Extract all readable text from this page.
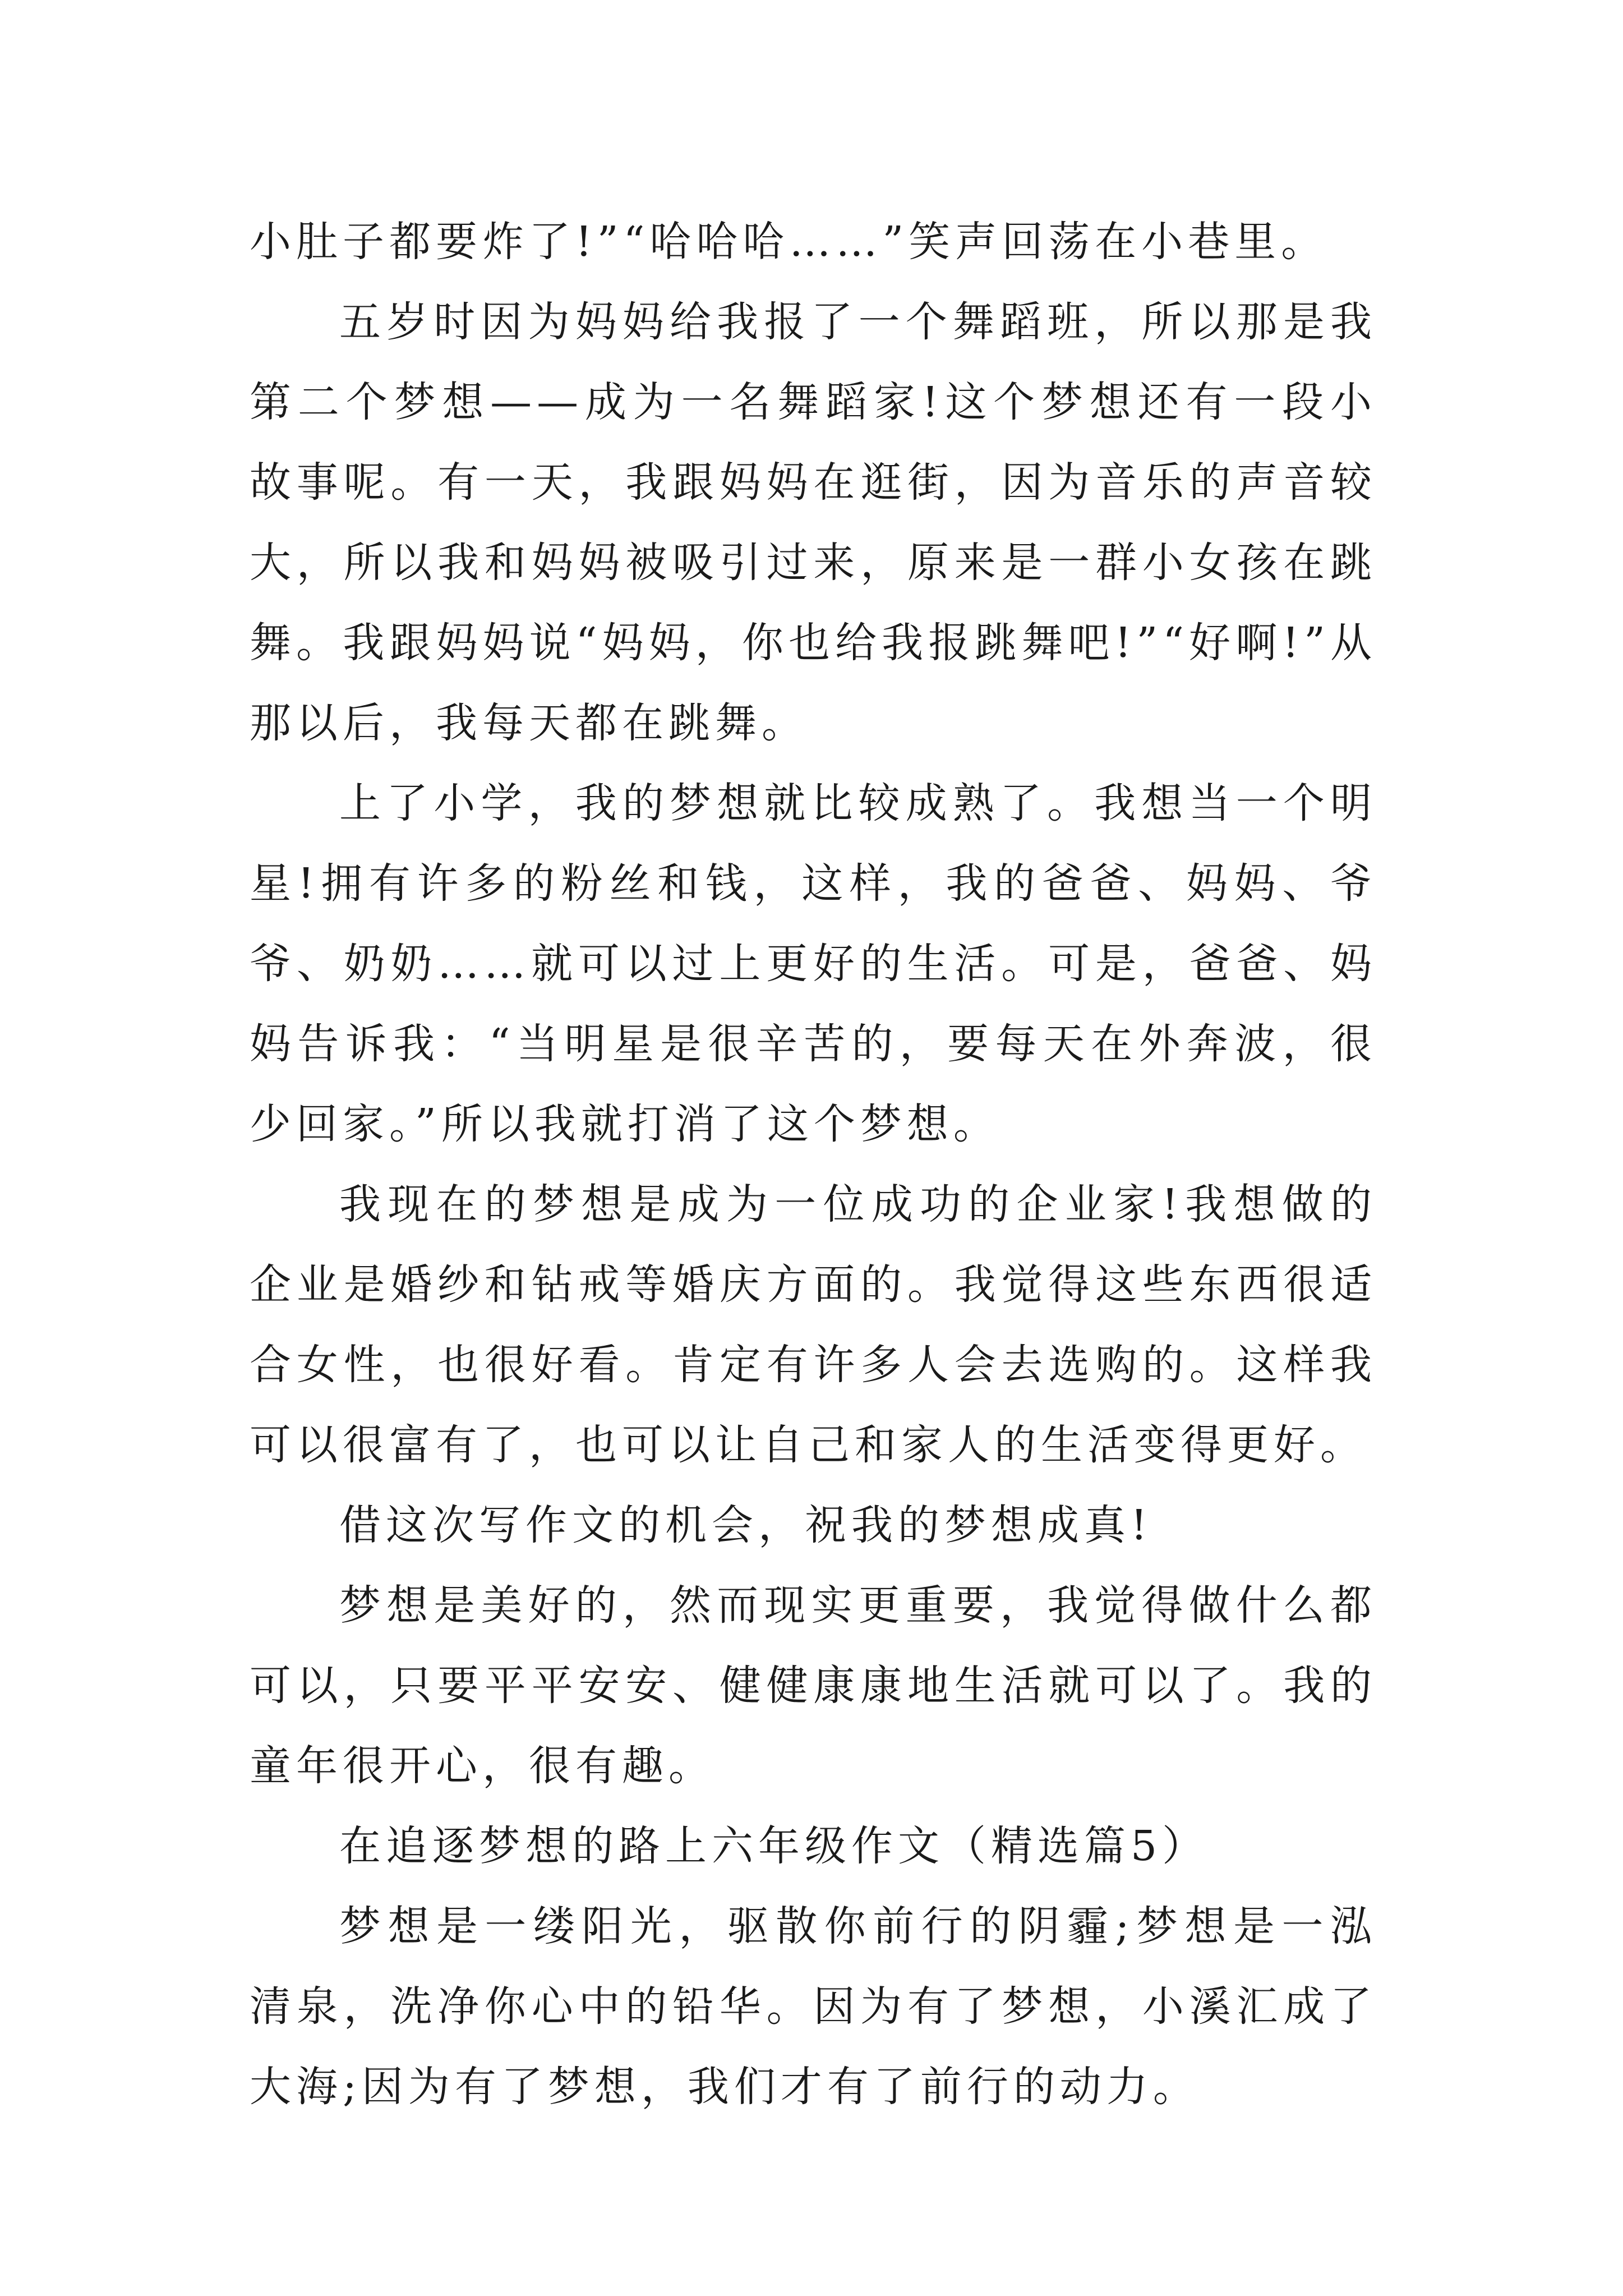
小肚子都要炸了!”“哈哈哈……”笑声回荡在小巷里。

五岁时因为妈妈给我报了一个舞蹈班，所以那是我第二个梦想——成为一名舞蹈家!这个梦想还有一段小故事呢。有一天，我跟妈妈在逛街，因为音乐的声音较大，所以我和妈妈被吸引过来，原来是一群小女孩在跳舞。我跟妈妈说“妈妈，你也给我报跳舞吧!”“好啊!”从那以后，我每天都在跳舞。

上了小学，我的梦想就比较成熟了。我想当一个明星!拥有许多的粉丝和钱，这样，我的爸爸、妈妈、爷爷、奶奶……就可以过上更好的生活。可是，爸爸、妈妈告诉我：“当明星是很辛苦的，要每天在外奔波，很少回家。”所以我就打消了这个梦想。

我现在的梦想是成为一位成功的企业家!我想做的企业是婚纱和钻戒等婚庆方面的。我觉得这些东西很适合女性，也很好看。肯定有许多人会去选购的。这样我可以很富有了，也可以让自己和家人的生活变得更好。

借这次写作文的机会，祝我的梦想成真!

梦想是美好的，然而现实更重要，我觉得做什么都可以，只要平平安安、健健康康地生活就可以了。我的童年很开心，很有趣。

在追逐梦想的路上六年级作文（精选篇5）

梦想是一缕阳光，驱散你前行的阴霾;梦想是一泓清泉，洗净你心中的铅华。因为有了梦想，小溪汇成了大海;因为有了梦想，我们才有了前行的动力。
